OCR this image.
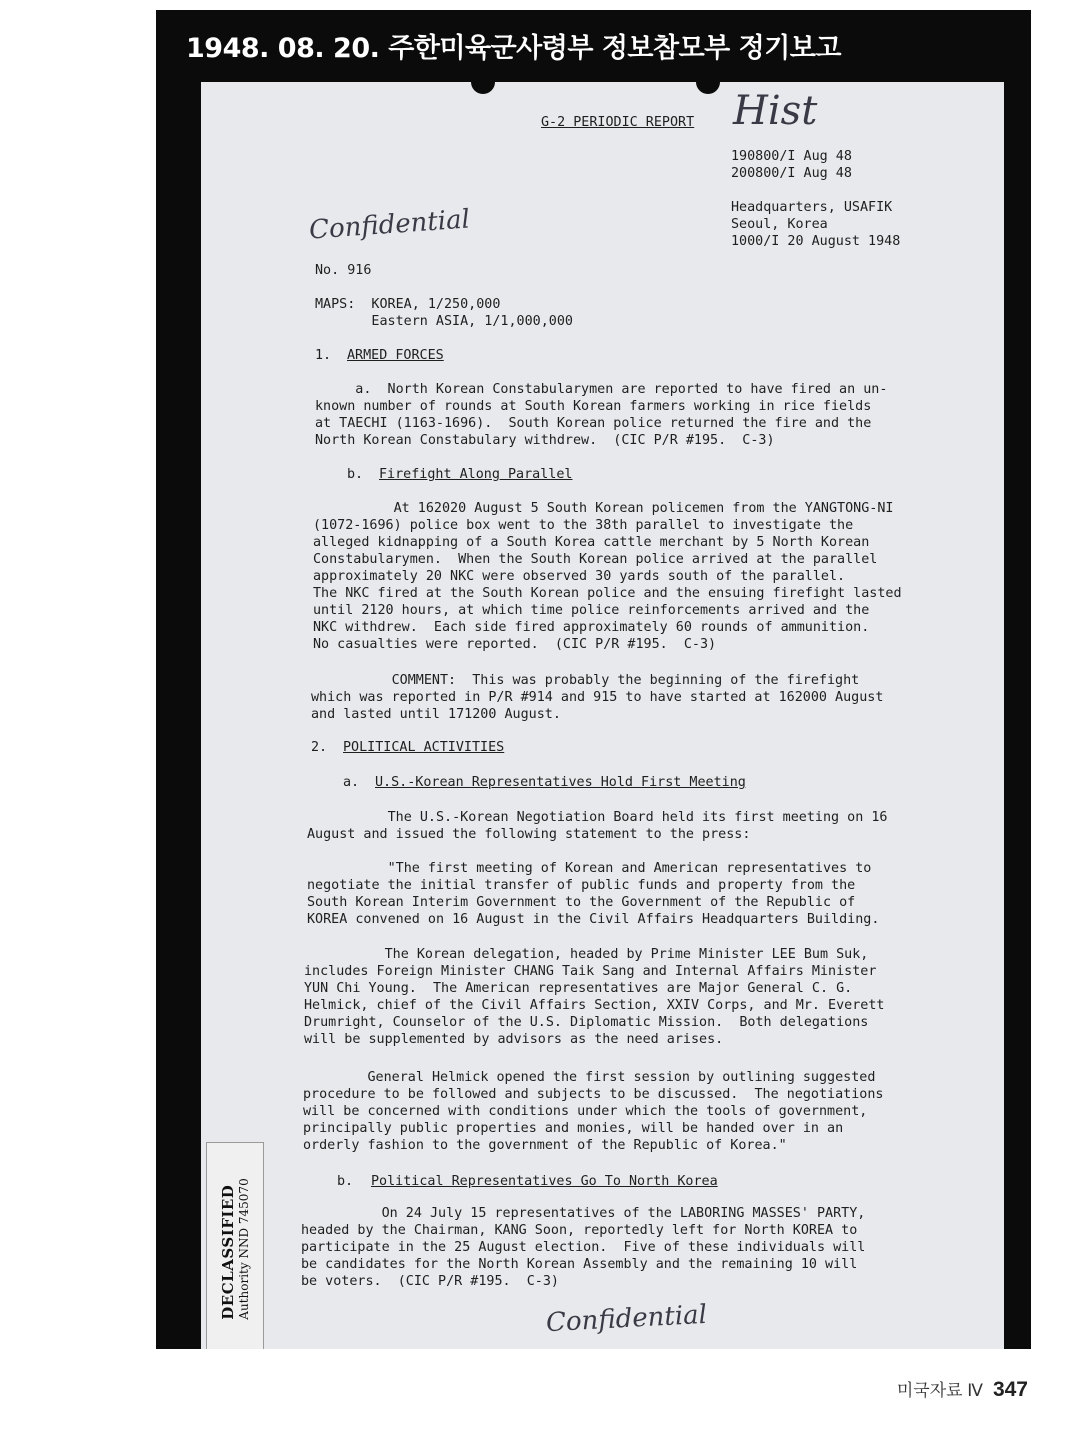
1948. 08. 20. 주한미육군사령부 정보참모부 정기보고
G-2 PERIODIC REPORT Hist
190800/I Aug 48
200800/I Aug 48
Headquarters, USAFIK
Seoul, Korea
1000/I 20 August 1948
Confidential
No. 916
MAPS:  KOREA, 1/250,000
Eastern ASIA, 1/1,000,000
1. ARMED FORCES
a.  North Korean Constabularymen are reported to have fired an un-
known number of rounds at South Korean farmers working in rice fields
at TAECHI (1163-1696).  South Korean police returned the fire and the
North Korean Constabulary withdrew.  (CIC P/R #195.  C-3)
b. Firefight Along Parallel
At 162020 August 5 South Korean policemen from the YANGTONG-NI
(1072-1696) police box went to the 38th parallel to investigate the
alleged kidnapping of a South Korea cattle merchant by 5 North Korean
Constabularymen.  When the South Korean police arrived at the parallel
approximately 20 NKC were observed 30 yards south of the parallel.
The NKC fired at the South Korean police and the ensuing firefight lasted
until 2120 hours, at which time police reinforcements arrived and the
NKC withdrew.  Each side fired approximately 60 rounds of ammunition.
No casualties were reported.  (CIC P/R #195.  C-3)
COMMENT:  This was probably the beginning of the firefight
which was reported in P/R #914 and 915 to have started at 162000 August
and lasted until 171200 August.
2. POLITICAL ACTIVITIES
a. U.S.-Korean Representatives Hold First Meeting
The U.S.-Korean Negotiation Board held its first meeting on 16
August and issued the following statement to the press:
"The first meeting of Korean and American representatives to
negotiate the initial transfer of public funds and property from the
South Korean Interim Government to the Government of the Republic of
KOREA convened on 16 August in the Civil Affairs Headquarters Building.
The Korean delegation, headed by Prime Minister LEE Bum Suk,
includes Foreign Minister CHANG Taik Sang and Internal Affairs Minister
YUN Chi Young.  The American representatives are Major General C. G.
Helmick, chief of the Civil Affairs Section, XXIV Corps, and Mr. Everett
Drumright, Counselor of the U.S. Diplomatic Mission.  Both delegations
will be supplemented by advisors as the need arises.
General Helmick opened the first session by outlining suggested
procedure to be followed and subjects to be discussed.  The negotiations
will be concerned with conditions under which the tools of government,
principally public properties and monies, will be handed over in an
orderly fashion to the government of the Republic of Korea."
b. Political Representatives Go To North Korea
On 24 July 15 representatives of the LABORING MASSES' PARTY,
headed by the Chairman, KANG Soon, reportedly left for North KOREA to
participate in the 25 August election.  Five of these individuals will
be candidates for the North Korean Assembly and the remaining 10 will
be voters.  (CIC P/R #195.  C-3)
Confidential
DECLASSIFIED Authority NND 745070
미국자료 Ⅳ 347
